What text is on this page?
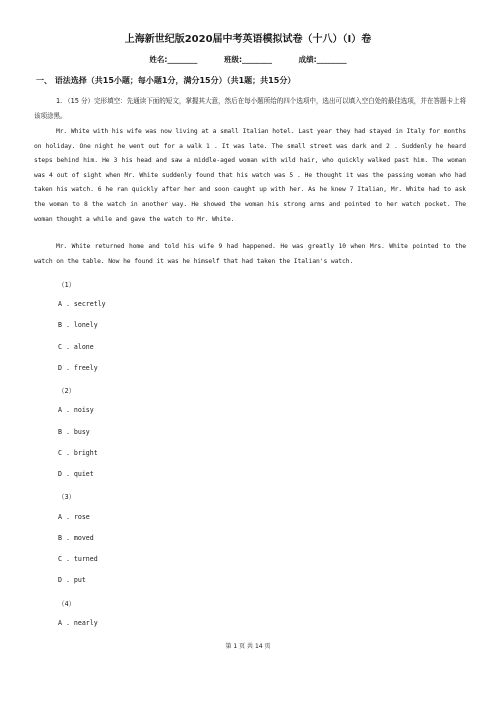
上海新世纪版2020届中考英语模拟试卷（十八）（I）卷
姓名:________	班级:________	成绩:________
一、 语法选择（共15小题；每小题1分，满分15分）（共1题；共15分）
1. （15 分）完形填空：先通读下面的短文，掌握其大意，然后在每小题所给的四个选项中，选出可以填入空白处的最佳选项，并在答题卡上将该项涂黑。
Mr. White with his wife was now living at a small Italian hotel. Last year they had stayed in Italy for months on holiday. One night he went out for a walk 1 . It was late. The small street was dark and 2 . Suddenly he heard steps behind him. He 3 his head and saw a middle-aged woman with wild hair, who quickly walked past him. The woman was 4 out of sight when Mr. White suddenly found that his watch was 5 . He thought it was the passing woman who had taken his watch. 6 he ran quickly after her and soon caught up with her. As he knew 7 Italian, Mr. White had to ask the woman to 8 the watch in another way. He showed the woman his strong arms and pointed to her watch pocket. The woman thought a while and gave the watch to Mr. White.
Mr. White returned home and told his wife 9 had happened. He was greatly 10 when Mrs. White pointed to the watch on the table. Now he found it was he himself that had taken the Italian's watch.
（1）
A . secretly
B . lonely
C . alone
D . freely
（2）
A . noisy
B . busy
C . bright
D . quiet
（3）
A . rose
B . moved
C . turned
D . put
（4）
A . nearly
第 1 页 共 14 页
